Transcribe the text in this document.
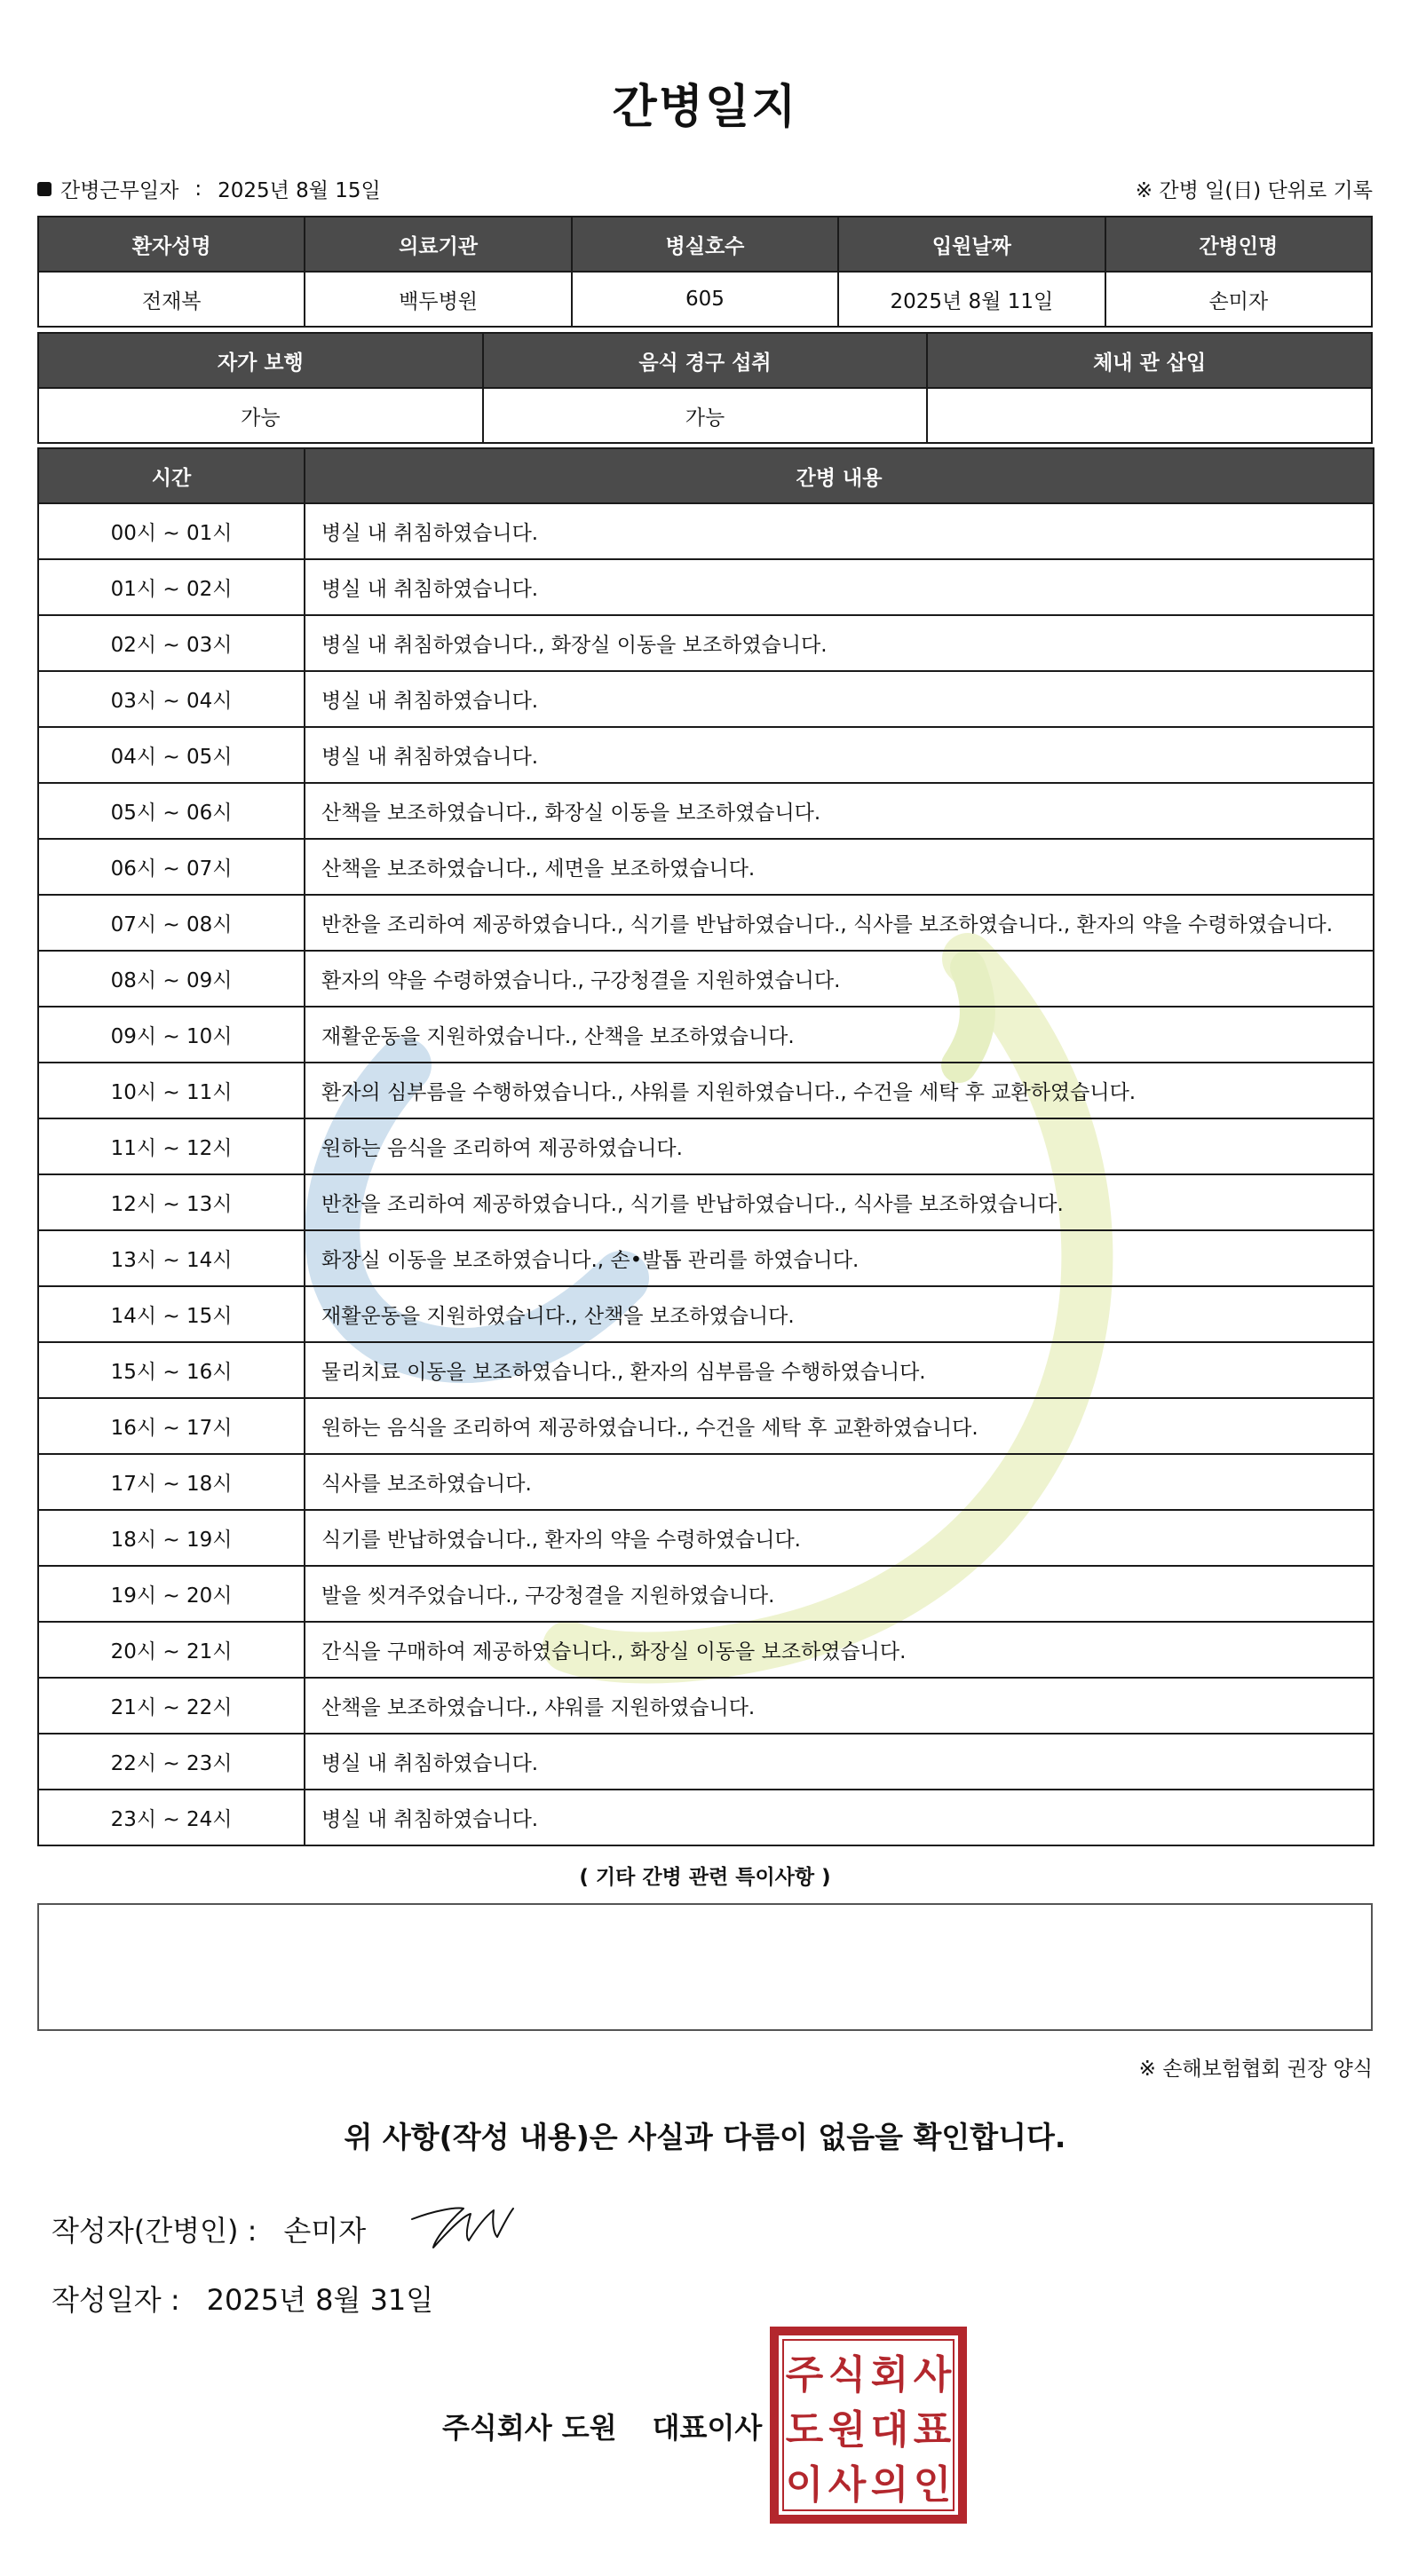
간병일지
간병근무일자 : 2025년 8월 15일	※ 간병 일(日) 단위로 기록
환자성명	의료기관	병실호수	입원날짜	간병인명
전재복	백두병원	605	2025년 8월 11일	손미자
자가 보행	음식 경구 섭취	체내 관 삽입
가능	가능	
시간	간병 내용
00시 ~ 01시	병실 내 취침하였습니다.
01시 ~ 02시	병실 내 취침하였습니다.
02시 ~ 03시	병실 내 취침하였습니다., 화장실 이동을 보조하였습니다.
03시 ~ 04시	병실 내 취침하였습니다.
04시 ~ 05시	병실 내 취침하였습니다.
05시 ~ 06시	산책을 보조하였습니다., 화장실 이동을 보조하였습니다.
06시 ~ 07시	산책을 보조하였습니다., 세면을 보조하였습니다.
07시 ~ 08시	반찬을 조리하여 제공하였습니다., 식기를 반납하였습니다., 식사를 보조하였습니다., 환자의 약을 수령하였습니다.
08시 ~ 09시	환자의 약을 수령하였습니다., 구강청결을 지원하였습니다.
09시 ~ 10시	재활운동을 지원하였습니다., 산책을 보조하였습니다.
10시 ~ 11시	환자의 심부름을 수행하였습니다., 샤워를 지원하였습니다., 수건을 세탁 후 교환하였습니다.
11시 ~ 12시	원하는 음식을 조리하여 제공하였습니다.
12시 ~ 13시	반찬을 조리하여 제공하였습니다., 식기를 반납하였습니다., 식사를 보조하였습니다.
13시 ~ 14시	화장실 이동을 보조하였습니다., 손•발톱 관리를 하였습니다.
14시 ~ 15시	재활운동을 지원하였습니다., 산책을 보조하였습니다.
15시 ~ 16시	물리치료 이동을 보조하였습니다., 환자의 심부름을 수행하였습니다.
16시 ~ 17시	원하는 음식을 조리하여 제공하였습니다., 수건을 세탁 후 교환하였습니다.
17시 ~ 18시	식사를 보조하였습니다.
18시 ~ 19시	식기를 반납하였습니다., 환자의 약을 수령하였습니다.
19시 ~ 20시	발을 씻겨주었습니다., 구강청결을 지원하였습니다.
20시 ~ 21시	간식을 구매하여 제공하였습니다., 화장실 이동을 보조하였습니다.
21시 ~ 22시	산책을 보조하였습니다., 샤워를 지원하였습니다.
22시 ~ 23시	병실 내 취침하였습니다.
23시 ~ 24시	병실 내 취침하였습니다.
( 기타 간병 관련 특이사항 )
※ 손해보험협회 권장 양식
위 사항(작성 내용)은 사실과 다름이 없음을 확인합니다.
작성자(간병인) : 손미자
작성일자 : 2025년 8월 31일
주식회사 도원 대표이사
주 식 회 사
도 원 대 표
이 사 의 인
